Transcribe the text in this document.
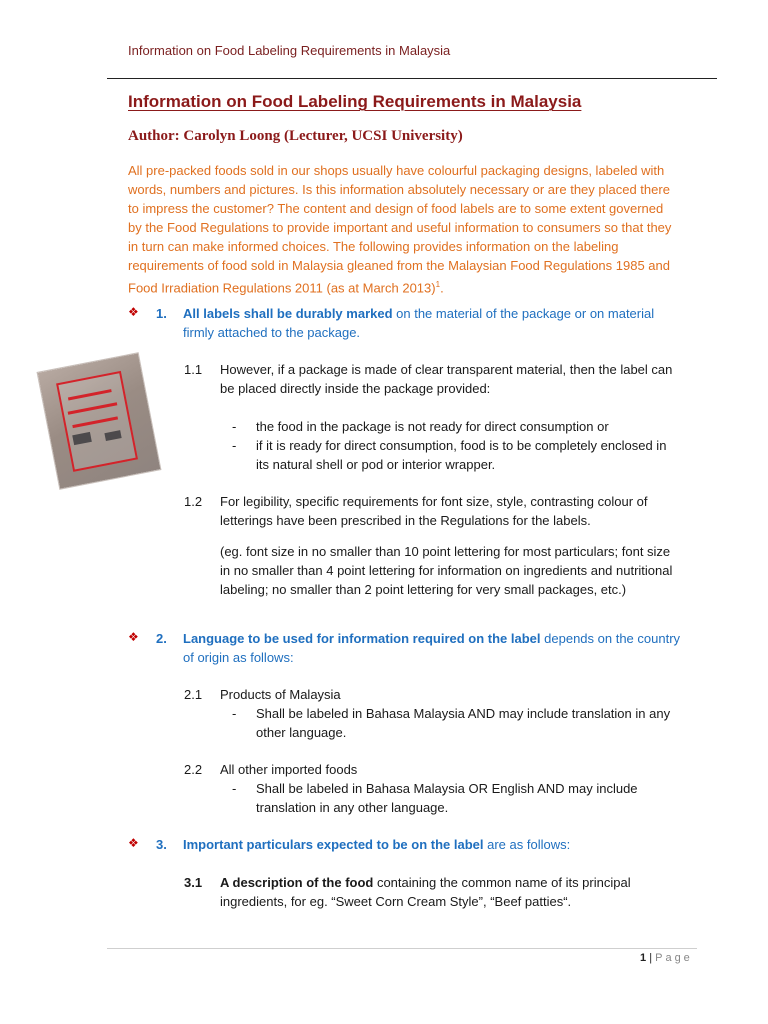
Information on Food Labeling Requirements in Malaysia
Information on Food Labeling Requirements in Malaysia
Author: Carolyn Loong (Lecturer, UCSI University)
All pre-packed foods sold in our shops usually have colourful packaging designs, labeled with words, numbers and pictures. Is this information absolutely necessary or are they placed there to impress the customer? The content and design of food labels are to some extent governed by the Food Regulations to provide important and useful information to consumers so that they in turn can make informed choices. The following provides information on the labeling requirements of food sold in Malaysia gleaned from the Malaysian Food Regulations 1985 and Food Irradiation Regulations 2011 (as at March 2013)$^1$.
❖ 1. All labels shall be durably marked on the material of the package or on material firmly attached to the package.
1.1 However, if a package is made of clear transparent material, then the label can be placed directly inside the package provided:
- the food in the package is not ready for direct consumption or
- if it is ready for direct consumption, food is to be completely enclosed in its natural shell or pod or interior wrapper.
1.2 For legibility, specific requirements for font size, style, contrasting colour of letterings have been prescribed in the Regulations for the labels.
(eg. font size in no smaller than 10 point lettering for most particulars; font size in no smaller than 4 point lettering for information on ingredients and nutritional labeling; no smaller than 2 point lettering for very small packages, etc.)
❖ 2. Language to be used for information required on the label depends on the country of origin as follows:
2.1 Products of Malaysia
- Shall be labeled in Bahasa Malaysia AND may include translation in any other language.
2.2 All other imported foods
- Shall be labeled in Bahasa Malaysia OR English AND may include translation in any other language.
❖ 3. Important particulars expected to be on the label are as follows:
3.1 A description of the food containing the common name of its principal ingredients, for eg. “Sweet Corn Cream Style”, “Beef patties“.
1 | Page
